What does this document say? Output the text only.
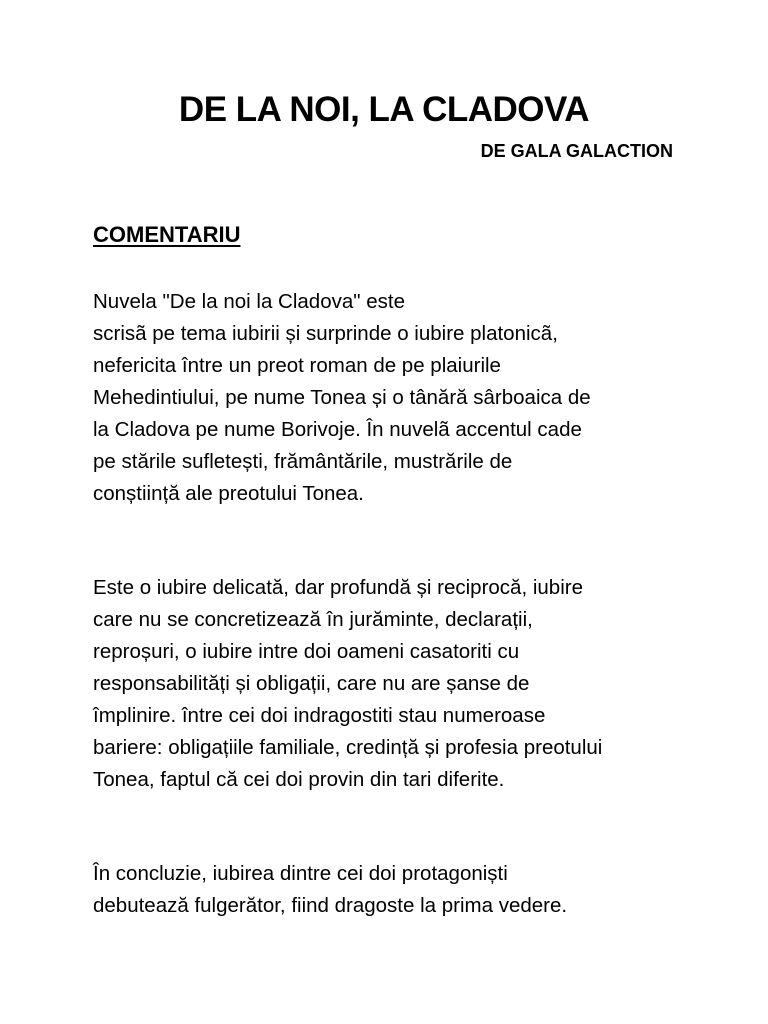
DE LA NOI, LA CLADOVA
DE GALA GALACTION
COMENTARIU

Nuvela "De la noi la Cladova" este
scrisã pe tema iubirii și surprinde o iubire platonicã,
nefericita între un preot roman de pe plaiurile
Mehedintiului, pe nume Tonea și o tânără sârboaica de
la Cladova pe nume Borivoje. În nuvelã accentul cade
pe stările sufletești, frământările, mustrările de
conștiință ale preotului Tonea.

Este o iubire delicată, dar profundă și reciprocă, iubire
care nu se concretizează în jurăminte, declarații,
reproșuri, o iubire intre doi oameni casatoriti cu
responsabilități și obligații, care nu are șanse de
împlinire. între cei doi indragostiti stau numeroase
bariere: obligațiile familiale, credință și profesia preotului
Tonea, faptul că cei doi provin din tari diferite.

În concluzie, iubirea dintre cei doi protagoniști
debutează fulgerător, fiind dragoste la prima vedere.
